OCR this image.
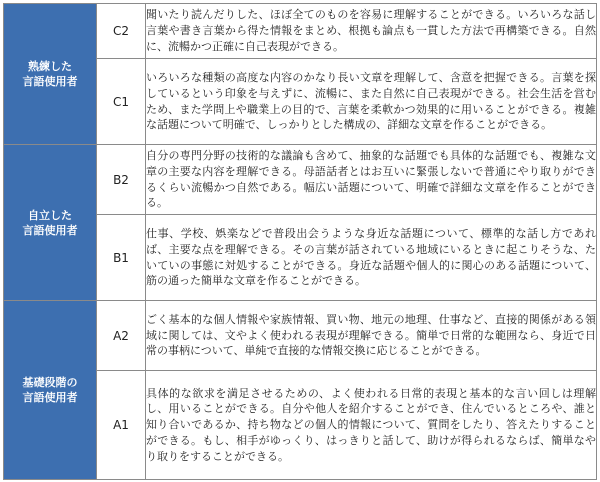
熟練した
言語使用者	C2	聞いたり読んだりした、ほぼ全てのものを容易に理解することができる。いろいろな話し言葉や書き言葉から得た情報をまとめ、根拠も論点も一貫した方法で再構築できる。自然に、流暢かつ正確に自己表現ができる。
	C1	いろいろな種類の高度な内容のかなり長い文章を理解して、含意を把握できる。言葉を探しているという印象を与えずに、流暢に、また自然に自己表現ができる。社会生活を営むため、また学問上や職業上の目的で、言葉を柔軟かつ効果的に用いることができる。複雑な話題について明確で、しっかりとした構成の、詳細な文章を作ることができる。

自立した
言語使用者	B2	自分の専門分野の技術的な議論も含めて、抽象的な話題でも具体的な話題でも、複雑な文章の主要な内容を理解できる。母語話者とはお互いに緊張しないで普通にやり取りができるくらい流暢かつ自然である。幅広い話題について、明確で詳細な文章を作ることができる。
	B1	仕事、学校、娯楽などで普段出会うような身近な話題について、標準的な話し方であれば、主要な点を理解できる。その言葉が話されている地域にいるときに起こりそうな、たいていの事態に対処することができる。身近な話題や個人的に関心のある話題について、筋の通った簡単な文章を作ることができる。

基礎段階の
言語使用者	A2	ごく基本的な個人情報や家族情報、買い物、地元の地理、仕事など、直接的関係がある領域に関しては、文やよく使われる表現が理解できる。簡単で日常的な範囲なら、身近で日常の事柄について、単純で直接的な情報交換に応じることができる。
	A1	具体的な欲求を満足させるための、よく使われる日常的表現と基本的な言い回しは理解し、用いることができる。自分や他人を紹介することができ、住んでいるところや、誰と知り合いであるか、持ち物などの個人的情報について、質問をしたり、答えたりすることができる。もし、相手がゆっくり、はっきりと話して、助けが得られるならば、簡単なやり取りをすることができる。
